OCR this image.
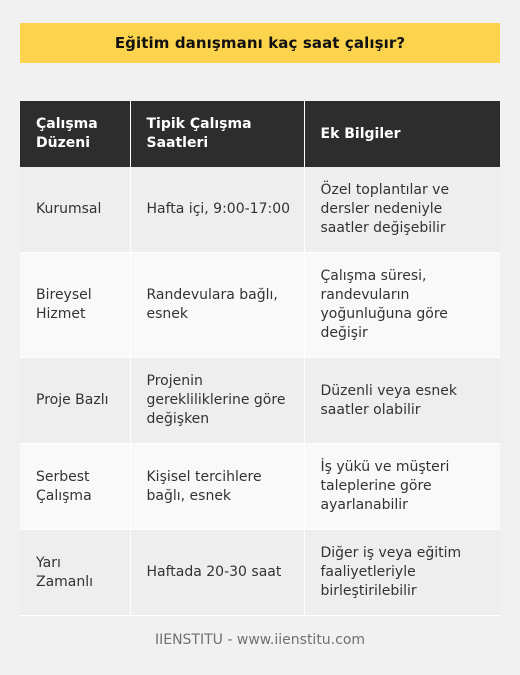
Eğitim danışmanı kaç saat çalışır?
Çalışma Düzeni	Tipik Çalışma Saatleri	Ek Bilgiler
Kurumsal	Hafta içi, 9:00-17:00	Özel toplantılar ve dersler nedeniyle saatler değişebilir
Bireysel Hizmet	Randevulara bağlı, esnek	Çalışma süresi, randevuların yoğunluğuna göre değişir
Proje Bazlı	Projenin gerekliliklerine göre değişken	Düzenli veya esnek saatler olabilir
Serbest Çalışma	Kişisel tercihlere bağlı, esnek	İş yükü ve müşteri taleplerine göre ayarlanabilir
Yarı Zamanlı	Haftada 20-30 saat	Diğer iş veya eğitim faaliyetleriyle birleştirilebilir
IIENSTITU - www.iienstitu.com
